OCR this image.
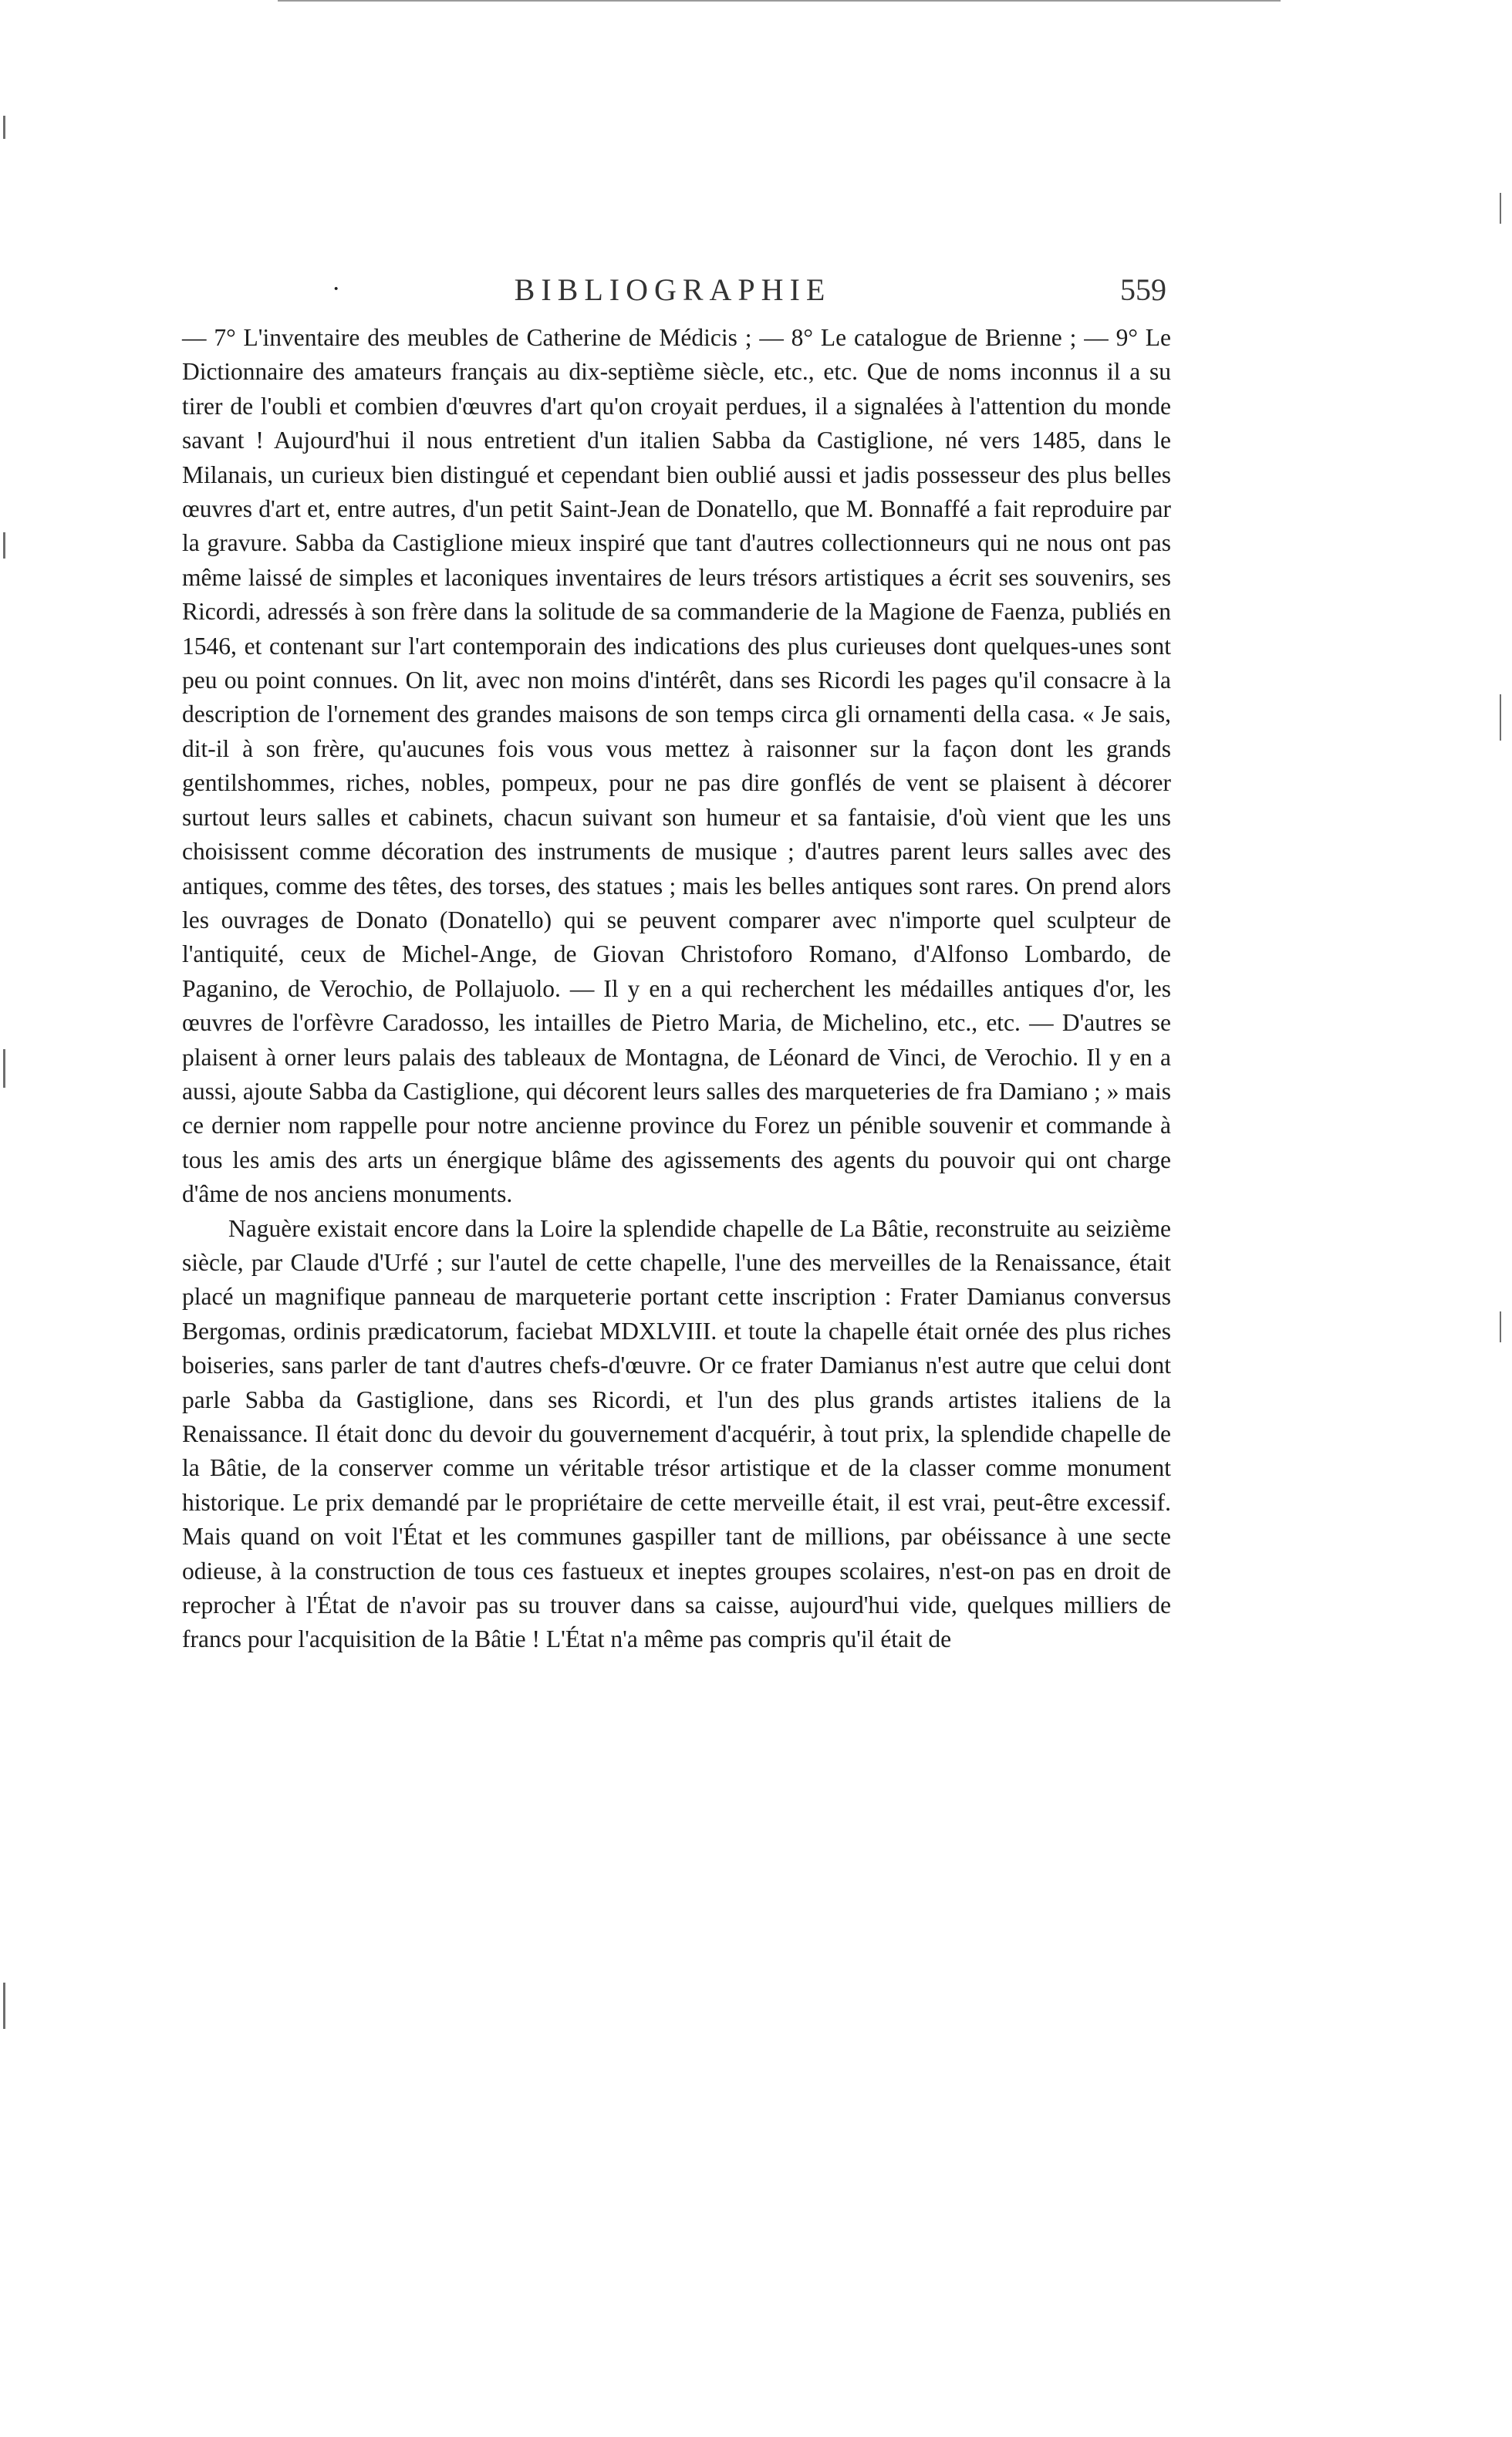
·	BIBLIOGRAPHIE	559

— 7° L'inventaire des meubles de Catherine de Médicis ; — 8° Le catalogue de Brienne ; — 9° Le Dictionnaire des amateurs français au dix-septième siècle, etc., etc. Que de noms inconnus il a su tirer de l'oubli et combien d'œuvres d'art qu'on croyait perdues, il a signalées à l'attention du monde savant ! Aujourd'hui il nous entretient d'un italien Sabba da Castiglione, né vers 1485, dans le Milanais, un curieux bien distingué et cependant bien oublié aussi et jadis possesseur des plus belles œuvres d'art et, entre autres, d'un petit Saint-Jean de Donatello, que M. Bonnaffé a fait reproduire par la gravure. Sabba da Castiglione mieux inspiré que tant d'autres collectionneurs qui ne nous ont pas même laissé de simples et laconiques inventaires de leurs trésors artistiques a écrit ses souvenirs, ses Ricordi, adressés à son frère dans la solitude de sa commanderie de la Magione de Faenza, publiés en 1546, et contenant sur l'art contemporain des indications des plus curieuses dont quelques-unes sont peu ou point connues. On lit, avec non moins d'intérêt, dans ses Ricordi les pages qu'il consacre à la description de l'ornement des grandes maisons de son temps circa gli ornamenti della casa. « Je sais, dit-il à son frère, qu'aucunes fois vous vous mettez à raisonner sur la façon dont les grands gentilshommes, riches, nobles, pompeux, pour ne pas dire gonflés de vent se plaisent à décorer surtout leurs salles et cabinets, chacun suivant son humeur et sa fantaisie, d'où vient que les uns choisissent comme décoration des instruments de musique ; d'autres parent leurs salles avec des antiques, comme des têtes, des torses, des statues ; mais les belles antiques sont rares. On prend alors les ouvrages de Donato (Donatello) qui se peuvent comparer avec n'importe quel sculpteur de l'antiquité, ceux de Michel-Ange, de Giovan Christoforo Romano, d'Alfonso Lombardo, de Paganino, de Verochio, de Pollajuolo. — Il y en a qui recherchent les médailles antiques d'or, les œuvres de l'orfèvre Caradosso, les intailles de Pietro Maria, de Michelino, etc., etc. — D'autres se plaisent à orner leurs palais des tableaux de Montagna, de Léonard de Vinci, de Verochio. Il y en a aussi, ajoute Sabba da Castiglione, qui décorent leurs salles des marqueteries de fra Damiano ; » mais ce dernier nom rappelle pour notre ancienne province du Forez un pénible souvenir et commande à tous les amis des arts un énergique blâme des agissements des agents du pouvoir qui ont charge d'âme de nos anciens monuments.

Naguère existait encore dans la Loire la splendide chapelle de La Bâtie, reconstruite au seizième siècle, par Claude d'Urfé ; sur l'autel de cette chapelle, l'une des merveilles de la Renaissance, était placé un magnifique panneau de marqueterie portant cette inscription : Frater Damianus conversus Bergomas, ordinis prædicatorum, faciebat MDXLVIII. et toute la chapelle était ornée des plus riches boiseries, sans parler de tant d'autres chefs-d'œuvre. Or ce frater Damianus n'est autre que celui dont parle Sabba da Gastiglione, dans ses Ricordi, et l'un des plus grands artistes italiens de la Renaissance. Il était donc du devoir du gouvernement d'acquérir, à tout prix, la splendide chapelle de la Bâtie, de la conserver comme un véritable trésor artistique et de la classer comme monument historique. Le prix demandé par le propriétaire de cette merveille était, il est vrai, peut-être excessif. Mais quand on voit l'État et les communes gaspiller tant de millions, par obéissance à une secte odieuse, à la construction de tous ces fastueux et ineptes groupes scolaires, n'est-on pas en droit de reprocher à l'État de n'avoir pas su trouver dans sa caisse, aujourd'hui vide, quelques milliers de francs pour l'acquisition de la Bâtie ! L'État n'a même pas compris qu'il était de
